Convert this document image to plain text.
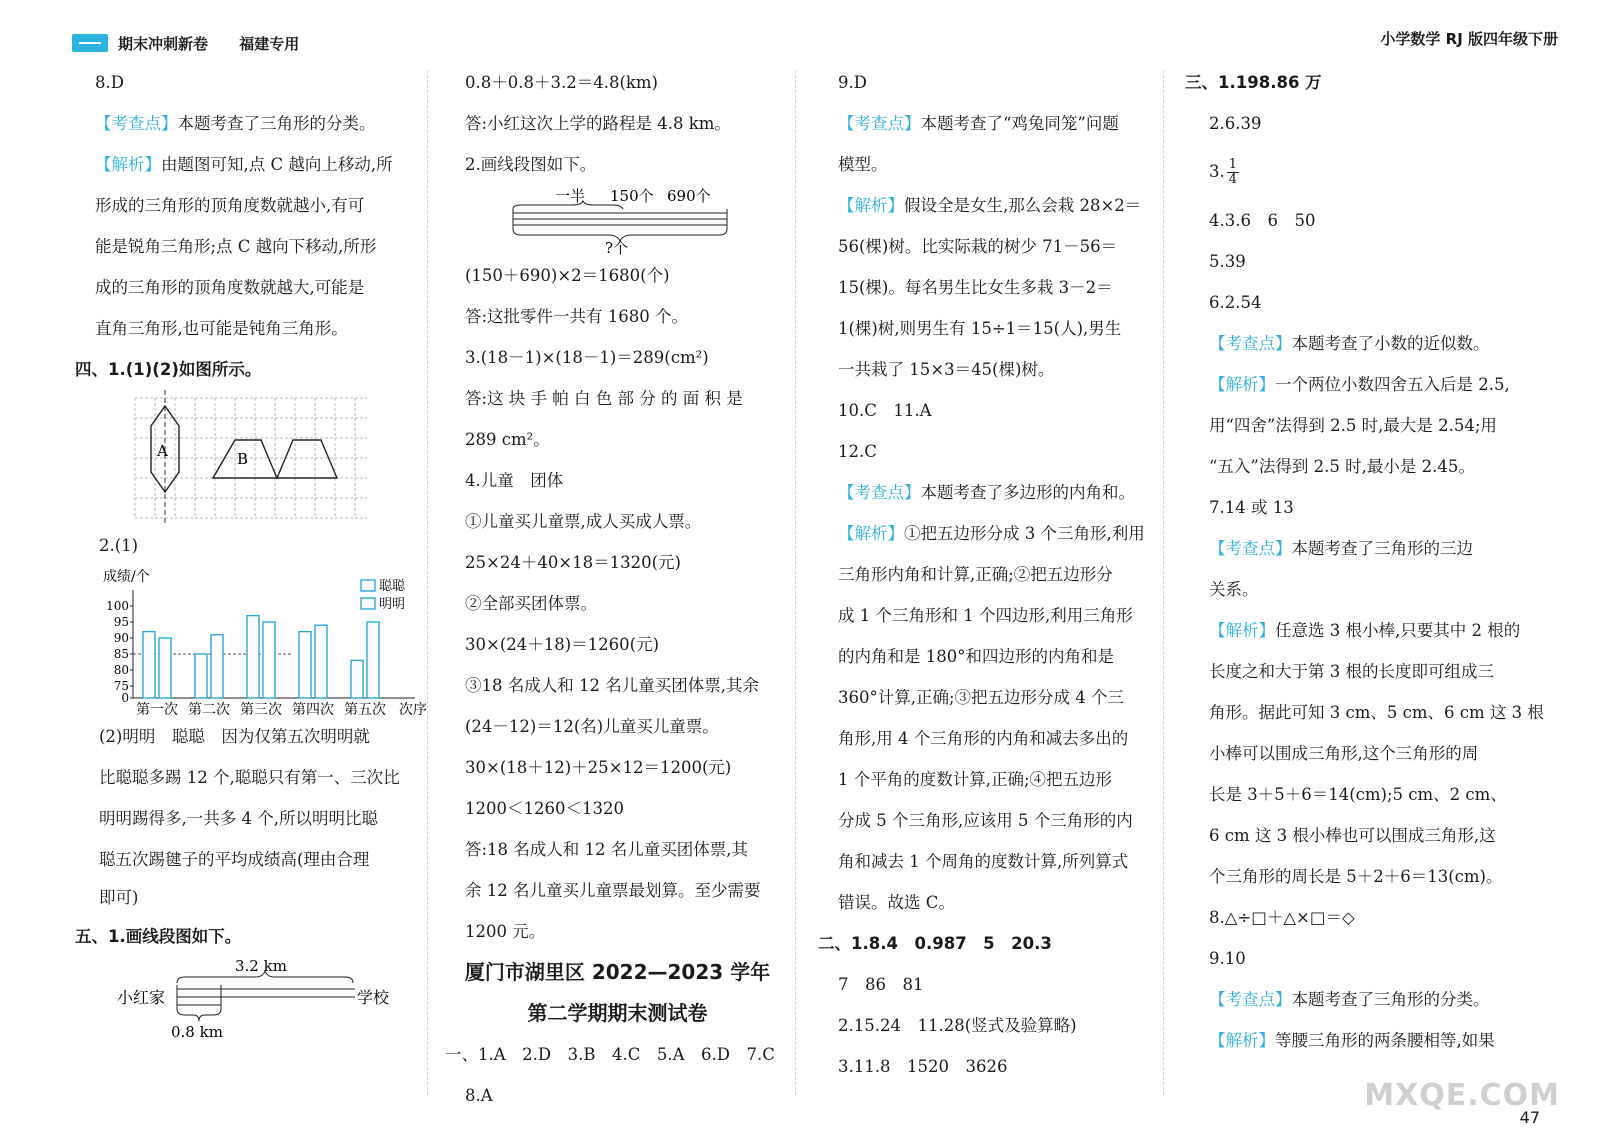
期末冲刺新卷 福建专用	小学数学 RJ 版四年级下册
8.D
【考查点】本题考查了三角形的分类。
【解析】由题图可知,点 C 越向上移动,所
形成的三角形的顶角度数就越小,有可
能是锐角三角形;点 C 越向下移动,所形
成的三角形的顶角度数就越大,可能是
直角三角形,也可能是钝角三角形。
四、1.(1)(2)如图所示。
A	B
2.(1)
成绩/个
0
75
80
85
90
95
100
第一次 第二次 第三次 第四次 第五次 次序
聪聪
明明
(2)明明　聪聪　因为仅第五次明明就
比聪聪多踢 12 个,聪聪只有第一、三次比
明明踢得多,一共多 4 个,所以明明比聪
聪五次踢毽子的平均成绩高(理由合理
即可)
五、1.画线段图如下。
3.2 km
小红家	学校
0.8 km
0.8＋0.8＋3.2＝4.8(km)
答:小红这次上学的路程是 4.8 km。
2.画线段图如下。
一半 150个 690个
?个
(150＋690)×2＝1680(个)
答:这批零件一共有 1680 个。
3.(18－1)×(18－1)＝289(cm²)
答:这 块 手 帕 白 色 部 分 的 面 积 是
289 cm²。
4.儿童　团体
①儿童买儿童票,成人买成人票。
25×24＋40×18＝1320(元)
②全部买团体票。
30×(24＋18)＝1260(元)
③18 名成人和 12 名儿童买团体票,其余
(24－12)＝12(名)儿童买儿童票。
30×(18＋12)＋25×12＝1200(元)
1200＜1260＜1320
答:18 名成人和 12 名儿童买团体票,其
余 12 名儿童买儿童票最划算。至少需要
1200 元。
厦门市湖里区 2022—2023 学年
第二学期期末测试卷
一、1.A　2.D　3.B　4.C　5.A　6.D　7.C
8.A
9.D
【考查点】本题考查了“鸡兔同笼”问题
模型。
【解析】假设全是女生,那么会栽 28×2＝
56(棵)树。比实际栽的树少 71－56＝
15(棵)。每名男生比女生多栽 3－2＝
1(棵)树,则男生有 15÷1＝15(人),男生
一共栽了 15×3＝45(棵)树。
10.C　11.A
12.C
【考查点】本题考查了多边形的内角和。
【解析】①把五边形分成 3 个三角形,利用
三角形内角和计算,正确;②把五边形分
成 1 个三角形和 1 个四边形,利用三角形
的内角和是 180°和四边形的内角和是
360°计算,正确;③把五边形分成 4 个三
角形,用 4 个三角形的内角和减去多出的
1 个平角的度数计算,正确;④把五边形
分成 5 个三角形,应该用 5 个三角形的内
角和减去 1 个周角的度数计算,所列算式
错误。故选 C。
二、1.8.4　0.987　5　20.3
7　86　81
2.15.24　11.28(竖式及验算略)
3.11.8　1520　3626
三、1.198.86 万
2.6.39
3. $\frac{1}{4}$
4.3.6　6　50
5.39
6.2.54
【考查点】本题考查了小数的近似数。
【解析】一个两位小数四舍五入后是 2.5,
用“四舍”法得到 2.5 时,最大是 2.54;用
“五入”法得到 2.5 时,最小是 2.45。
7.14 或 13
【考查点】本题考查了三角形的三边
关系。
【解析】任意选 3 根小棒,只要其中 2 根的
长度之和大于第 3 根的长度即可组成三
角形。据此可知 3 cm、5 cm、6 cm 这 3 根
小棒可以围成三角形,这个三角形的周
长是 3＋5＋6＝14(cm);5 cm、2 cm、
6 cm 这 3 根小棒也可以围成三角形,这
个三角形的周长是 5＋2＋6＝13(cm)。
8.△÷□＋△×□＝◇
9.10
【考查点】本题考查了三角形的分类。
【解析】等腰三角形的两条腰相等,如果
MXQE.COM
47
